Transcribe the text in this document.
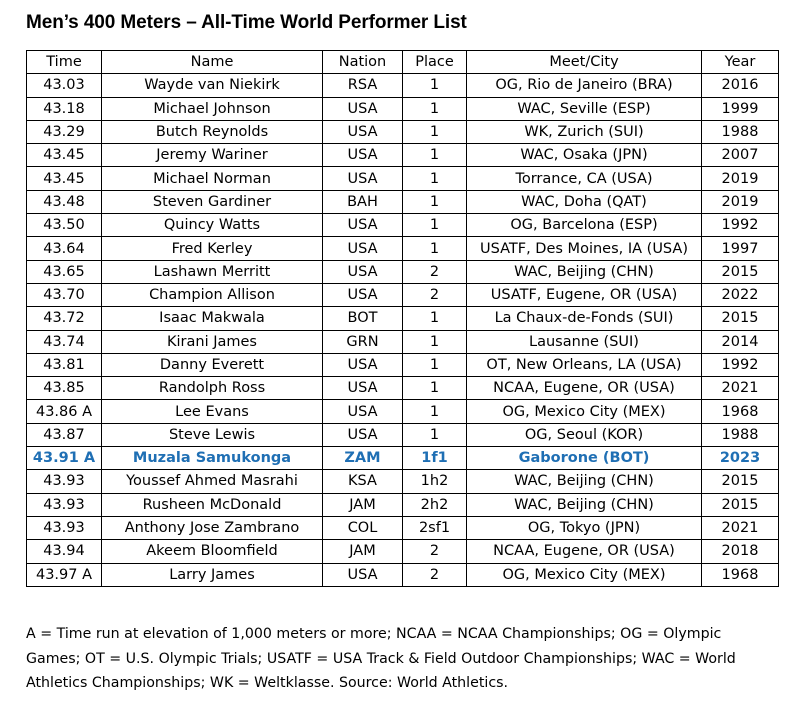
Men’s 400 Meters – All-Time World Performer List
Time	Name	Nation	Place	Meet/City	Year
43.03	Wayde van Niekirk	RSA	1	OG, Rio de Janeiro (BRA)	2016
43.18	Michael Johnson	USA	1	WAC, Seville (ESP)	1999
43.29	Butch Reynolds	USA	1	WK, Zurich (SUI)	1988
43.45	Jeremy Wariner	USA	1	WAC, Osaka (JPN)	2007
43.45	Michael Norman	USA	1	Torrance, CA (USA)	2019
43.48	Steven Gardiner	BAH	1	WAC, Doha (QAT)	2019
43.50	Quincy Watts	USA	1	OG, Barcelona (ESP)	1992
43.64	Fred Kerley	USA	1	USATF, Des Moines, IA (USA)	1997
43.65	Lashawn Merritt	USA	2	WAC, Beijing (CHN)	2015
43.70	Champion Allison	USA	2	USATF, Eugene, OR (USA)	2022
43.72	Isaac Makwala	BOT	1	La Chaux-de-Fonds (SUI)	2015
43.74	Kirani James	GRN	1	Lausanne (SUI)	2014
43.81	Danny Everett	USA	1	OT, New Orleans, LA (USA)	1992
43.85	Randolph Ross	USA	1	NCAA, Eugene, OR (USA)	2021
43.86 A	Lee Evans	USA	1	OG, Mexico City (MEX)	1968
43.87	Steve Lewis	USA	1	OG, Seoul (KOR)	1988
43.91 A	Muzala Samukonga	ZAM	1f1	Gaborone (BOT)	2023
43.93	Youssef Ahmed Masrahi	KSA	1h2	WAC, Beijing (CHN)	2015
43.93	Rusheen McDonald	JAM	2h2	WAC, Beijing (CHN)	2015
43.93	Anthony Jose Zambrano	COL	2sf1	OG, Tokyo (JPN)	2021
43.94	Akeem Bloomfield	JAM	2	NCAA, Eugene, OR (USA)	2018
43.97 A	Larry James	USA	2	OG, Mexico City (MEX)	1968
A = Time run at elevation of 1,000 meters or more; NCAA = NCAA Championships; OG = Olympic Games; OT = U.S. Olympic Trials; USATF = USA Track & Field Outdoor Championships; WAC = World Athletics Championships; WK = Weltklasse. Source: World Athletics.
